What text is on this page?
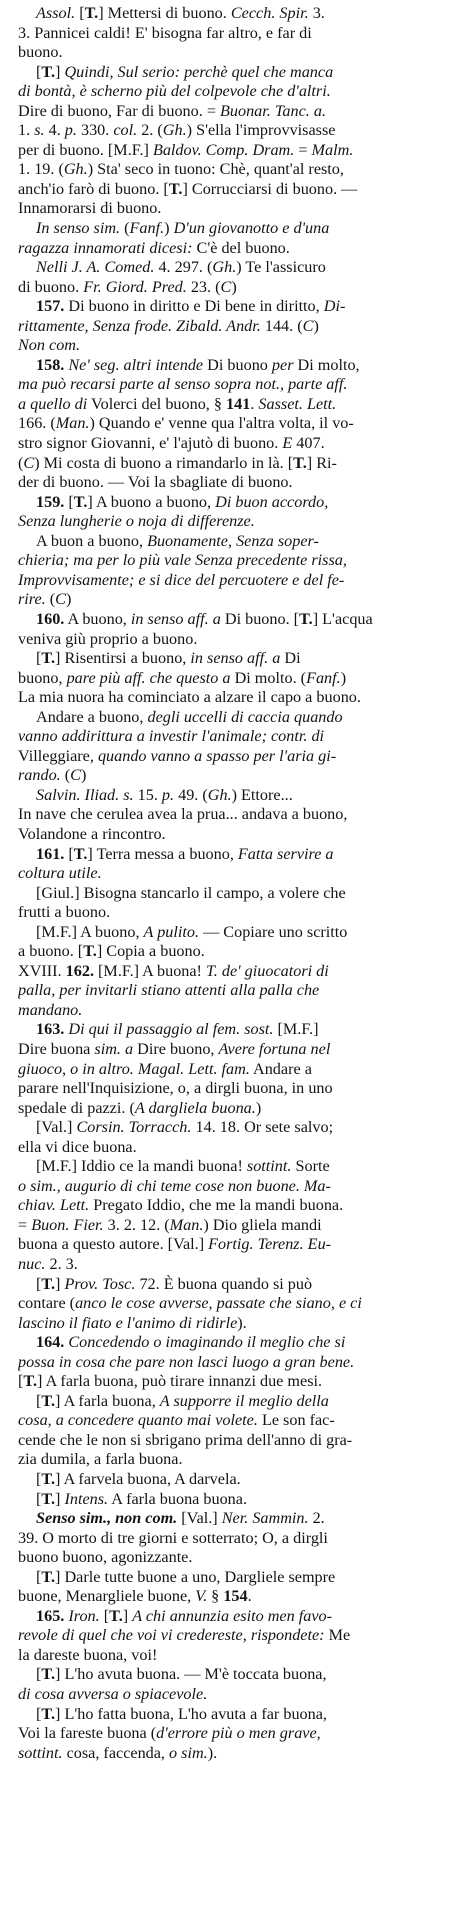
Assol. [T.] Mettersi di buono. Cecch. Spir. 3.
3. Pannicei caldi! E' bisogna far altro, e far di
buono.
[T.] Quindi, Sul serio: perchè quel che manca
di bontà, è scherno più del colpevole che d'altri.
Dire di buono, Far di buono. = Buonar. Tanc. a.
1. s. 4. p. 330. col. 2. (Gh.) S'ella l'improvvisasse
per di buono. [M.F.] Baldov. Comp. Dram. = Malm.
1. 19. (Gh.) Sta' seco in tuono: Chè, quant'al resto,
anch'io farò di buono. [T.] Corrucciarsi di buono. —
Innamorarsi di buono.
In senso sim. (Fanf.) D'un giovanotto e d'una
ragazza innamorati dicesi: C'è del buono.
Nelli J. A. Comed. 4. 297. (Gh.) Te l'assicuro
di buono. Fr. Giord. Pred. 23. (C)
157. Di buono in diritto e Di bene in diritto, Di-
rittamente, Senza frode. Zibald. Andr. 144. (C)
Non com.
158. Ne' seg. altri intende Di buono per Di molto,
ma può recarsi parte al senso sopra not., parte aff.
a quello di Volerci del buono, § 141. Sasset. Lett.
166. (Man.) Quando e' venne qua l'altra volta, il vo-
stro signor Giovanni, e' l'ajutò di buono. E 407.
(C) Mi costa di buono a rimandarlo in là. [T.] Ri-
der di buono. — Voi la sbagliate di buono.
159. [T.] A buono a buono, Di buon accordo,
Senza lungherie o noja di differenze.
A buon a buono, Buonamente, Senza soper-
chieria; ma per lo più vale Senza precedente rissa,
Improvvisamente; e si dice del percuotere e del fe-
rire. (C)
160. A buono, in senso aff. a Di buono. [T.] L'acqua
veniva giù proprio a buono.
[T.] Risentirsi a buono, in senso aff. a Di
buono, pare più aff. che questo a Di molto. (Fanf.)
La mia nuora ha cominciato a alzare il capo a buono.
Andare a buono, degli uccelli di caccia quando
vanno addirittura a investir l'animale; contr. di
Villeggiare, quando vanno a spasso per l'aria gi-
rando. (C)
Salvin. Iliad. s. 15. p. 49. (Gh.) Ettore...
In nave che cerulea avea la prua... andava a buono,
Volandone a rincontro.
161. [T.] Terra messa a buono, Fatta servire a
coltura utile.
[Giul.] Bisogna stancarlo il campo, a volere che
frutti a buono.
[M.F.] A buono, A pulito. — Copiare uno scritto
a buono. [T.] Copia a buono.
XVIII. 162. [M.F.] A buona! T. de' giuocatori di
palla, per invitarli stiano attenti alla palla che
mandano.
163. Di qui il passaggio al fem. sost. [M.F.]
Dire buona sim. a Dire buono, Avere fortuna nel
giuoco, o in altro. Magal. Lett. fam. Andare a
parare nell'Inquisizione, o, a dirgli buona, in uno
spedale di pazzi. (A dargliela buona.)
[Val.] Corsin. Torracch. 14. 18. Or sete salvo;
ella vi dice buona.
[M.F.] Iddio ce la mandi buona! sottint. Sorte
o sim., augurio di chi teme cose non buone. Ma-
chiav. Lett. Pregato Iddio, che me la mandi buona.
= Buon. Fier. 3. 2. 12. (Man.) Dio gliela mandi
buona a questo autore. [Val.] Fortig. Terenz. Eu-
nuc. 2. 3.
[T.] Prov. Tosc. 72. È buona quando si può
contare (anco le cose avverse, passate che siano, e ci
lascino il fiato e l'animo di ridirle).
164. Concedendo o imaginando il meglio che si
possa in cosa che pare non lasci luogo a gran bene.
[T.] A farla buona, può tirare innanzi due mesi.
[T.] A farla buona, A supporre il meglio della
cosa, a concedere quanto mai volete. Le son fac-
cende che le non si sbrigano prima dell'anno di gra-
zia dumila, a farla buona.
[T.] A farvela buona, A darvela.
[T.] Intens. A farla buona buona.
Senso sim., non com. [Val.] Ner. Sammin. 2.
39. O morto di tre giorni e sotterrato; O, a dirgli
buono buono, agonizzante.
[T.] Darle tutte buone a uno, Dargliele sempre
buone, Menargliele buone, V. § 154.
165. Iron. [T.] A chi annunzia esito men favo-
revole di quel che voi vi credereste, rispondete: Me
la dareste buona, voi!
[T.] L'ho avuta buona. — M'è toccata buona,
di cosa avversa o spiacevole.
[T.] L'ho fatta buona, L'ho avuta a far buona,
Voi la fareste buona (d'errore più o men grave,
sottint. cosa, faccenda, o sim.).
